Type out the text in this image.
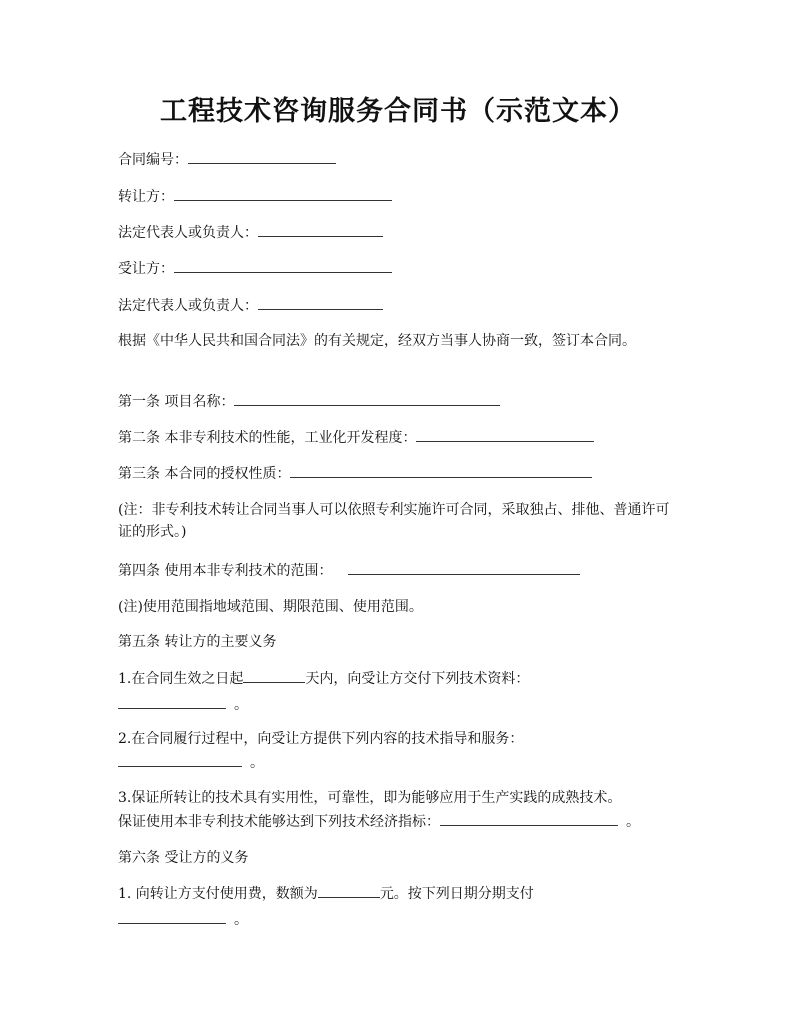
工程技术咨询服务合同书（示范文本）
合同编号：
转让方：
法定代表人或负责人：
受让方：
法定代表人或负责人：
根据《中华人民共和国合同法》的有关规定，经双方当事人协商一致，签订本合同。
第一条 项目名称：
第二条 本非专利技术的性能，工业化开发程度：
第三条 本合同的授权性质：
(注：非专利技术转让合同当事人可以依照专利实施许可合同，采取独占、排他、普通许可证的形式。)
第四条 使用本非专利技术的范围：
(注)使用范围指地域范围、期限范围、使用范围。
第五条 转让方的主要义务
1.在合同生效之日起	天内，向受让方交付下列技术资料：
。
2.在合同履行过程中，向受让方提供下列内容的技术指导和服务：
。
3.保证所转让的技术具有实用性，可靠性，即为能够应用于生产实践的成熟技术。
保证使用本非专利技术能够达到下列技术经济指标：	。
第六条 受让方的义务
1. 向转让方支付使用费，数额为	元。按下列日期分期支付
。
